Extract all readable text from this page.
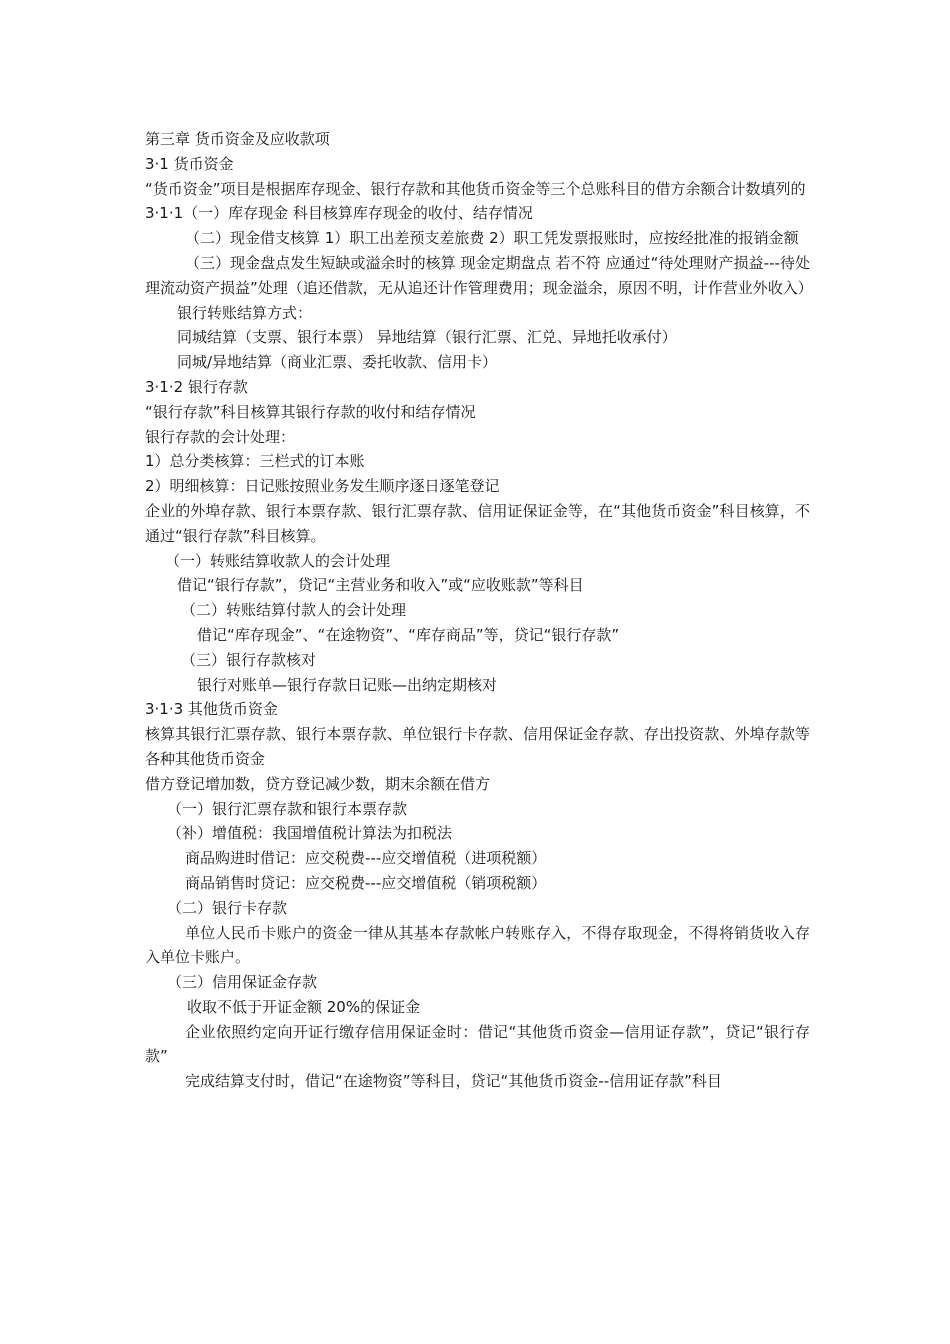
第三章 货币资金及应收款项
3·1 货币资金
“货币资金”项目是根据库存现金、银行存款和其他货币资金等三个总账科目的借方余额合计数填列的
3·1·1（一）库存现金 科目核算库存现金的收付、结存情况
（二）现金借支核算 1）职工出差预支差旅费 2）职工凭发票报账时，应按经批准的报销金额
（三）现金盘点发生短缺或溢余时的核算 现金定期盘点 若不符 应通过“待处理财产损益---待处理流动资产损益”处理（追还借款，无从追还计作管理费用；现金溢余，原因不明，计作营业外收入）
银行转账结算方式：
同城结算（支票、银行本票） 异地结算（银行汇票、汇兑、异地托收承付）
同城/异地结算（商业汇票、委托收款、信用卡）
3·1·2 银行存款
“银行存款”科目核算其银行存款的收付和结存情况
银行存款的会计处理：
1）总分类核算：三栏式的订本账
2）明细核算：日记账按照业务发生顺序逐日逐笔登记
企业的外埠存款、银行本票存款、银行汇票存款、信用证保证金等，在“其他货币资金”科目核算，不通过“银行存款”科目核算。
（一）转账结算收款人的会计处理
借记“银行存款”，贷记“主营业务和收入”或“应收账款”等科目
（二）转账结算付款人的会计处理
借记“库存现金”、“在途物资”、“库存商品”等，贷记“银行存款”
（三）银行存款核对
银行对账单—银行存款日记账—出纳定期核对
3·1·3 其他货币资金
核算其银行汇票存款、银行本票存款、单位银行卡存款、信用保证金存款、存出投资款、外埠存款等各种其他货币资金
借方登记增加数，贷方登记减少数，期末余额在借方
（一）银行汇票存款和银行本票存款
（补）增值税：我国增值税计算法为扣税法
商品购进时借记：应交税费---应交增值税（进项税额）
商品销售时贷记：应交税费---应交增值税（销项税额）
（二）银行卡存款
单位人民币卡账户的资金一律从其基本存款帐户转账存入，不得存取现金，不得将销货收入存入单位卡账户。
（三）信用保证金存款
收取不低于开证金额 20%的保证金
企业依照约定向开证行缴存信用保证金时：借记“其他货币资金—信用证存款”，贷记“银行存款”
完成结算支付时，借记“在途物资”等科目，贷记“其他货币资金--信用证存款”科目
